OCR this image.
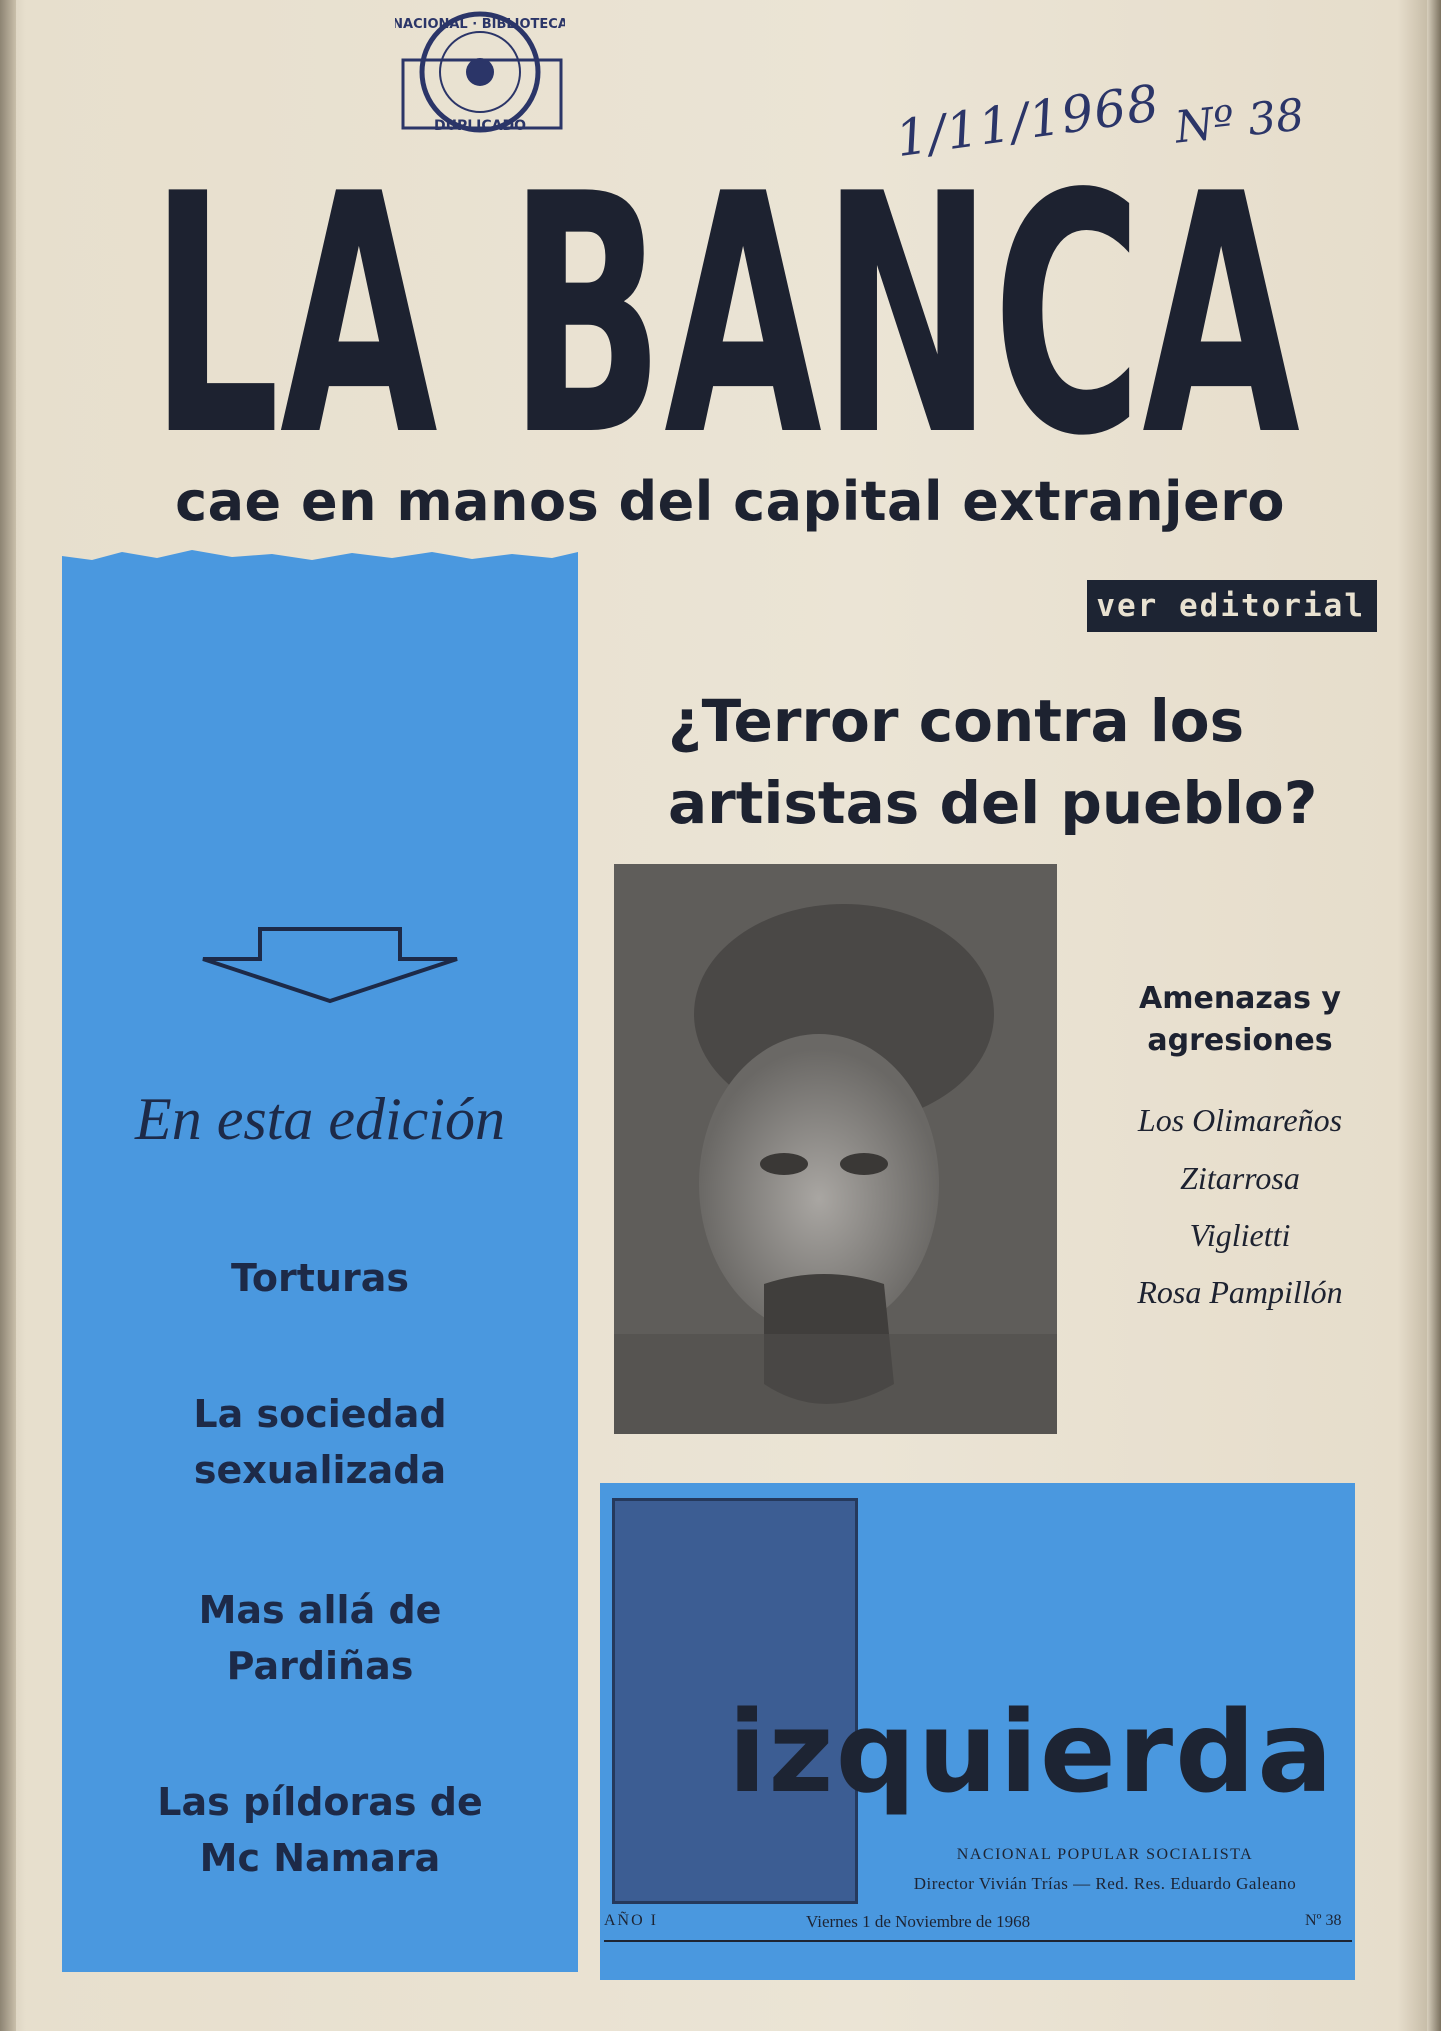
NACIONAL · BIBLIOTECA
DUPLICADO	1/11/1968 Nº 38
LA BANCA
cae en manos del capital extranjero
ver editorial
En esta edición
Torturas
La sociedad sexualizada
Mas allá de Pardiñas
Las píldoras de Mc Namara
¿Terror contra los
artistas del pueblo?
Amenazas y
agresiones
Los Olimareños
Zitarrosa
Viglietti
Rosa Pampillón
izquierda
NACIONAL POPULAR SOCIALISTA
Director Vivián Trías — Red. Res. Eduardo Galeano
AÑO I	Viernes 1 de Noviembre de 1968	Nº 38
